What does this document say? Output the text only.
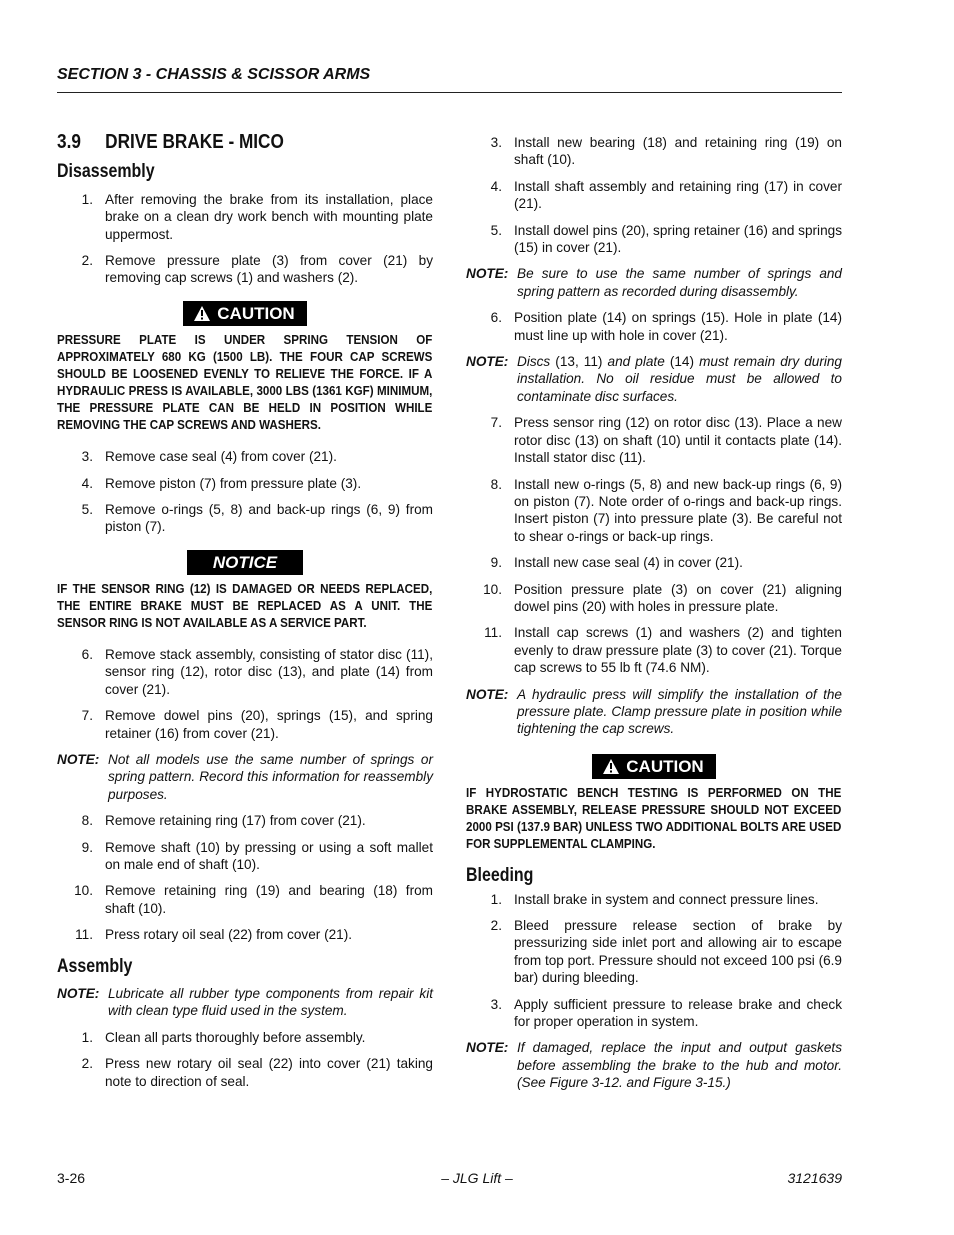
SECTION 3 - CHASSIS & SCISSOR ARMS
3.9 DRIVE BRAKE - MICO
Disassembly
1. After removing the brake from its installation, place brake on a clean dry work bench with mounting plate uppermost.
2. Remove pressure plate (3) from cover (21) by removing cap screws (1) and washers (2).
CAUTION
PRESSURE PLATE IS UNDER SPRING TENSION OF APPROXIMATELY 680 KG (1500 LB). THE FOUR CAP SCREWS SHOULD BE LOOSENED EVENLY TO RELIEVE THE FORCE. IF A HYDRAULIC PRESS IS AVAILABLE, 3000 LBS (1361 KGF) MINIMUM, THE PRESSURE PLATE CAN BE HELD IN POSITION WHILE REMOVING THE CAP SCREWS AND WASHERS.
3. Remove case seal (4) from cover (21).
4. Remove piston (7) from pressure plate (3).
5. Remove o-rings (5, 8) and back-up rings (6, 9) from piston (7).
NOTICE
IF THE SENSOR RING (12) IS DAMAGED OR NEEDS REPLACED, THE ENTIRE BRAKE MUST BE REPLACED AS A UNIT. THE SENSOR RING IS NOT AVAILABLE AS A SERVICE PART.
6. Remove stack assembly, consisting of stator disc (11), sensor ring (12), rotor disc (13), and plate (14) from cover (21).
7. Remove dowel pins (20), springs (15), and spring retainer (16) from cover (21).
NOTE: Not all models use the same number of springs or spring pattern. Record this information for reassembly purposes.
8. Remove retaining ring (17) from cover (21).
9. Remove shaft (10) by pressing or using a soft mallet on male end of shaft (10).
10. Remove retaining ring (19) and bearing (18) from shaft (10).
11. Press rotary oil seal (22) from cover (21).
Assembly
NOTE: Lubricate all rubber type components from repair kit with clean type fluid used in the system.
1. Clean all parts thoroughly before assembly.
2. Press new rotary oil seal (22) into cover (21) taking note to direction of seal.
3. Install new bearing (18) and retaining ring (19) on shaft (10).
4. Install shaft assembly and retaining ring (17) in cover (21).
5. Install dowel pins (20), spring retainer (16) and springs (15) in cover (21).
NOTE: Be sure to use the same number of springs and spring pattern as recorded during disassembly.
6. Position plate (14) on springs (15). Hole in plate (14) must line up with hole in cover (21).
NOTE: Discs (13, 11) and plate (14) must remain dry during installation. No oil residue must be allowed to contaminate disc surfaces.
7. Press sensor ring (12) on rotor disc (13). Place a new rotor disc (13) on shaft (10) until it contacts plate (14). Install stator disc (11).
8. Install new o-rings (5, 8) and new back-up rings (6, 9) on piston (7). Note order of o-rings and back-up rings. Insert piston (7) into pressure plate (3). Be careful not to shear o-rings or back-up rings.
9. Install new case seal (4) in cover (21).
10. Position pressure plate (3) on cover (21) aligning dowel pins (20) with holes in pressure plate.
11. Install cap screws (1) and washers (2) and tighten evenly to draw pressure plate (3) to cover (21). Torque cap screws to 55 lb ft (74.6 NM).
NOTE: A hydraulic press will simplify the installation of the pressure plate. Clamp pressure plate in position while tightening the cap screws.
CAUTION
IF HYDROSTATIC BENCH TESTING IS PERFORMED ON THE BRAKE ASSEMBLY, RELEASE PRESSURE SHOULD NOT EXCEED 2000 PSI (137.9 BAR) UNLESS TWO ADDITIONAL BOLTS ARE USED FOR SUPPLEMENTAL CLAMPING.
Bleeding
1. Install brake in system and connect pressure lines.
2. Bleed pressure release section of brake by pressurizing side inlet port and allowing air to escape from top port. Pressure should not exceed 100 psi (6.9 bar) during bleeding.
3. Apply sufficient pressure to release brake and check for proper operation in system.
NOTE: If damaged, replace the input and output gaskets before assembling the brake to the hub and motor. (See Figure 3-12. and Figure 3-15.)
3-26	– JLG Lift –	3121639
